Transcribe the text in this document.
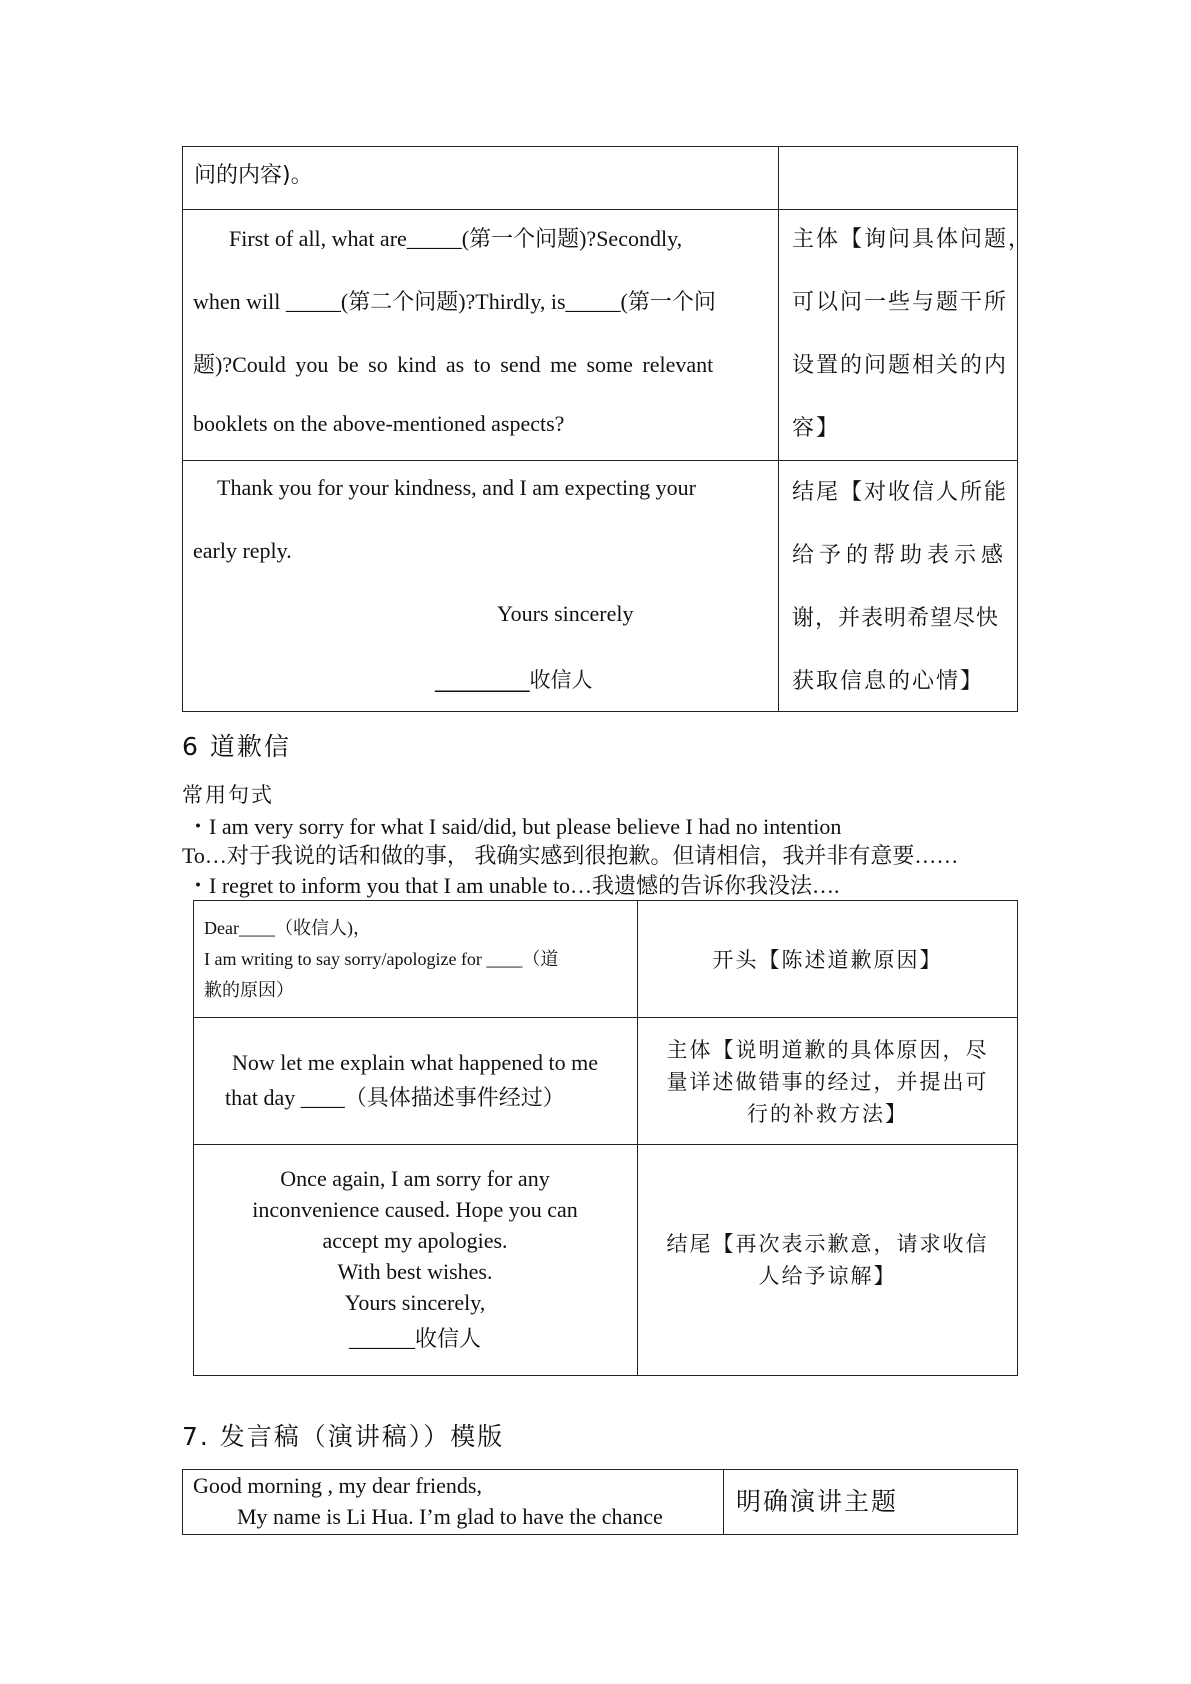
问的内容)。
First of all, what are_____(第一个问题)?Secondly,
when will _____(第二个问题)?Thirdly, is_____(第一个问
题)?Could you be so kind as to send me some relevant
booklets on the above-mentioned aspects?
主体【询问具体问题，
可以问一些与题干所
设置的问题相关的内
容】
Thank you for your kindness, and I am expecting your
early reply.
Yours sincerely
_________收信人
结尾【对收信人所能
给予的帮助表示感
谢，并表明希望尽快
获取信息的心情】
6 道歉信
常用句式
・I am very sorry for what I said/did, but please believe I had no intention
To…对于我说的话和做的事， 我确实感到很抱歉。但请相信，我并非有意要……
・I regret to inform you that I am unable to…我遗憾的告诉你我没法….
Dear____（收信人)，
I am writing to say sorry/apologize for ____（道
歉的原因）
开头【陈述道歉原因】
Now let me explain what happened to me
that day ____（具体描述事件经过）
主体【说明道歉的具体原因，尽
量详述做错事的经过，并提出可
行的补救方法】
Once again, I am sorry for any
inconvenience caused. Hope you can
accept my apologies.
With best wishes.
Yours sincerely,
______收信人
结尾【再次表示歉意，请求收信
人给予谅解】
7. 发言稿（演讲稿））模版
Good morning , my dear friends,
My name is Li Hua. I’m glad to have the chance
明确演讲主题
